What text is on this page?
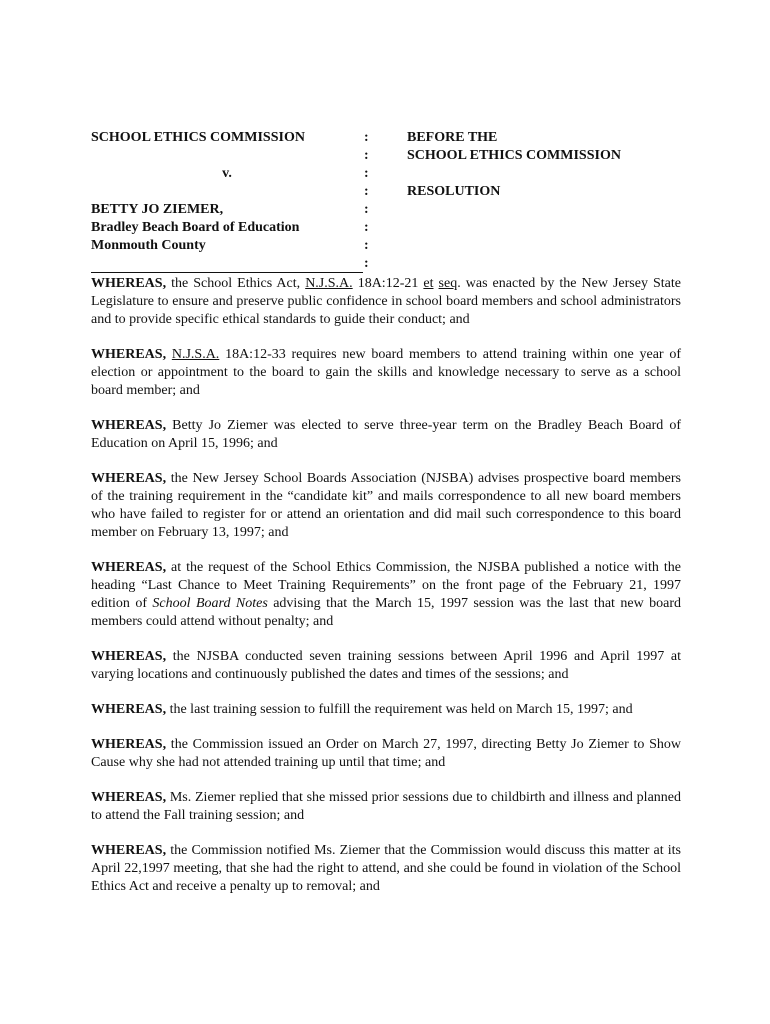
SCHOOL ETHICS COMMISSION
v.
BETTY JO ZIEMER,
Bradley Beach Board of Education
Monmouth County
:
:
:
:
:
:
:
:
BEFORE THE
SCHOOL ETHICS COMMISSION
RESOLUTION

WHEREAS, the School Ethics Act, N.J.S.A. 18A:12-21 et seq. was enacted by the New Jersey State Legislature to ensure and preserve public confidence in school board members and school administrators and to provide specific ethical standards to guide their conduct; and

WHEREAS, N.J.S.A. 18A:12-33 requires new board members to attend training within one year of election or appointment to the board to gain the skills and knowledge necessary to serve as a school board member; and

WHEREAS, Betty Jo Ziemer was elected to serve three-year term on the Bradley Beach Board of Education on April 15, 1996; and

WHEREAS, the New Jersey School Boards Association (NJSBA) advises prospective board members of the training requirement in the “candidate kit” and mails correspondence to all new board members who have failed to register for or attend an orientation and did mail such correspondence to this board member on February 13, 1997; and

WHEREAS, at the request of the School Ethics Commission, the NJSBA published a notice with the heading “Last Chance to Meet Training Requirements” on the front page of the February 21, 1997 edition of School Board Notes advising that the March 15, 1997 session was the last that new board members could attend without penalty; and

WHEREAS, the NJSBA conducted seven training sessions between April 1996 and April 1997 at varying locations and continuously published the dates and times of the sessions; and

WHEREAS, the last training session to fulfill the requirement was held on March 15, 1997; and

WHEREAS, the Commission issued an Order on March 27, 1997, directing Betty Jo Ziemer to Show Cause why she had not attended training up until that time; and

WHEREAS, Ms. Ziemer replied that she missed prior sessions due to childbirth and illness and planned to attend the Fall training session; and

WHEREAS, the Commission notified Ms. Ziemer that the Commission would discuss this matter at its April 22,1997 meeting, that she had the right to attend, and she could be found in violation of the School Ethics Act and receive a penalty up to removal; and
